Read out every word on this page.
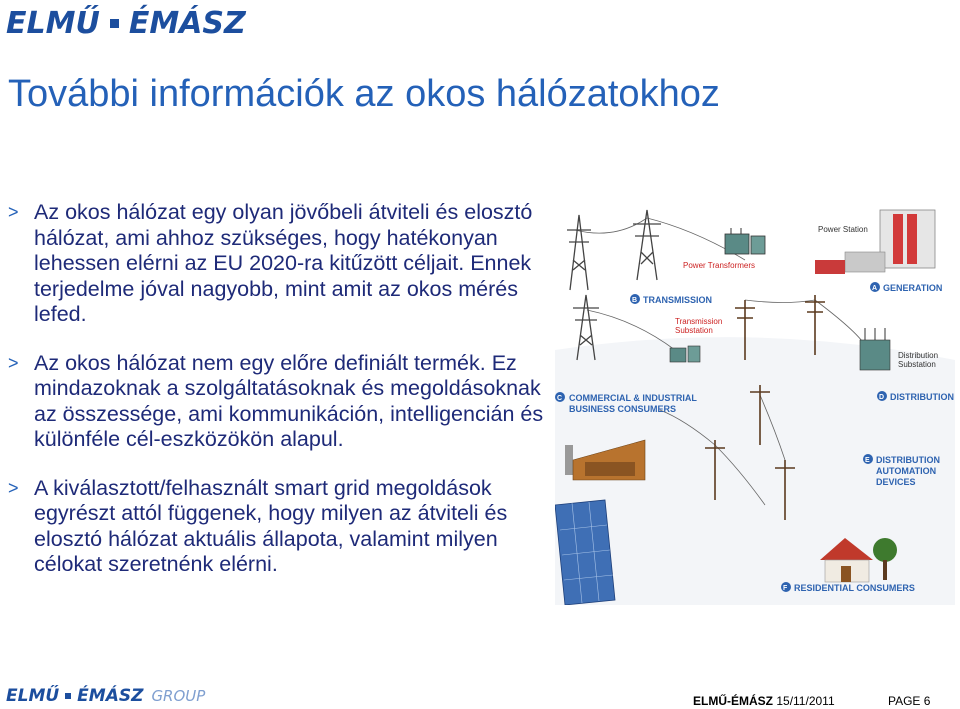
ELMŰ ÉMÁSZ
További információk az okos hálózatokhoz
> Az okos hálózat egy olyan jövőbeli átviteli és elosztó hálózat, ami ahhoz szükséges, hogy hatékonyan lehessen elérni az EU 2020-ra kitűzött céljait. Ennek terjedelme jóval nagyobb, mint amit az okos mérés lefed.
> Az okos hálózat nem egy előre definiált termék. Ez mindazoknak a szolgáltatásoknak és megoldásoknak az összessége, ami kommunikáción, intelligencián és különféle cél-eszközökön alapul.
> A kiválasztott/felhasznált smart grid megoldások egyrészt attól függenek, hogy milyen az átviteli és elosztó hálózat aktuális állapota, valamint milyen célokat szeretnénk elérni.
Power Transformers
Power Station
A GENERATION
B TRANSMISSION
Transmission
Substation
Distribution
Substation
C COMMERCIAL & INDUSTRIAL
BUSINESS CONSUMERS
D DISTRIBUTION
E DISTRIBUTION
AUTOMATION
DEVICES
F RESIDENTIAL CONSUMERS
ELMŰ ÉMÁSZ GROUP	ELMŰ-ÉMÁSZ 15/11/2011	PAGE 6
